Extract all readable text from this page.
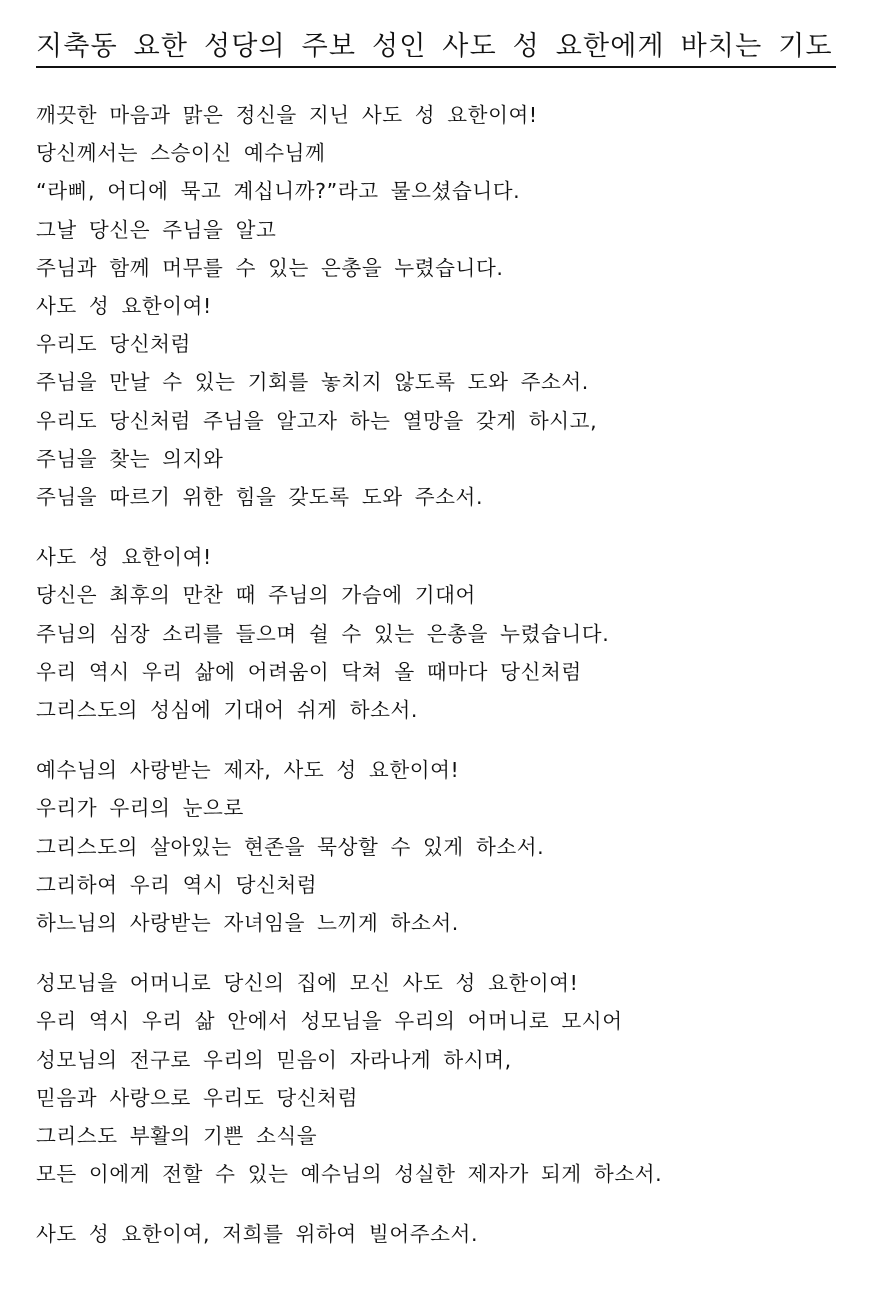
지축동 요한 성당의 주보 성인 사도 성 요한에게 바치는 기도
깨끗한 마음과 맑은 정신을 지닌 사도 성 요한이여!
당신께서는 스승이신 예수님께
“라삐, 어디에 묵고 계십니까?”라고 물으셨습니다.
그날 당신은 주님을 알고
주님과 함께 머무를 수 있는 은총을 누렸습니다.
사도 성 요한이여!
우리도 당신처럼
주님을 만날 수 있는 기회를 놓치지 않도록 도와 주소서.
우리도 당신처럼 주님을 알고자 하는 열망을 갖게 하시고,
주님을 찾는 의지와
주님을 따르기 위한 힘을 갖도록 도와 주소서.
사도 성 요한이여!
당신은 최후의 만찬 때 주님의 가슴에 기대어
주님의 심장 소리를 들으며 쉴 수 있는 은총을 누렸습니다.
우리 역시 우리 삶에 어려움이 닥쳐 올 때마다 당신처럼
그리스도의 성심에 기대어 쉬게 하소서.
예수님의 사랑받는 제자, 사도 성 요한이여!
우리가 우리의 눈으로
그리스도의 살아있는 현존을 묵상할 수 있게 하소서.
그리하여 우리 역시 당신처럼
하느님의 사랑받는 자녀임을 느끼게 하소서.
성모님을 어머니로 당신의 집에 모신 사도 성 요한이여!
우리 역시 우리 삶 안에서 성모님을 우리의 어머니로 모시어
성모님의 전구로 우리의 믿음이 자라나게 하시며,
믿음과 사랑으로 우리도 당신처럼
그리스도 부활의 기쁜 소식을
모든 이에게 전할 수 있는 예수님의 성실한 제자가 되게 하소서.
사도 성 요한이여, 저희를 위하여 빌어주소서.
